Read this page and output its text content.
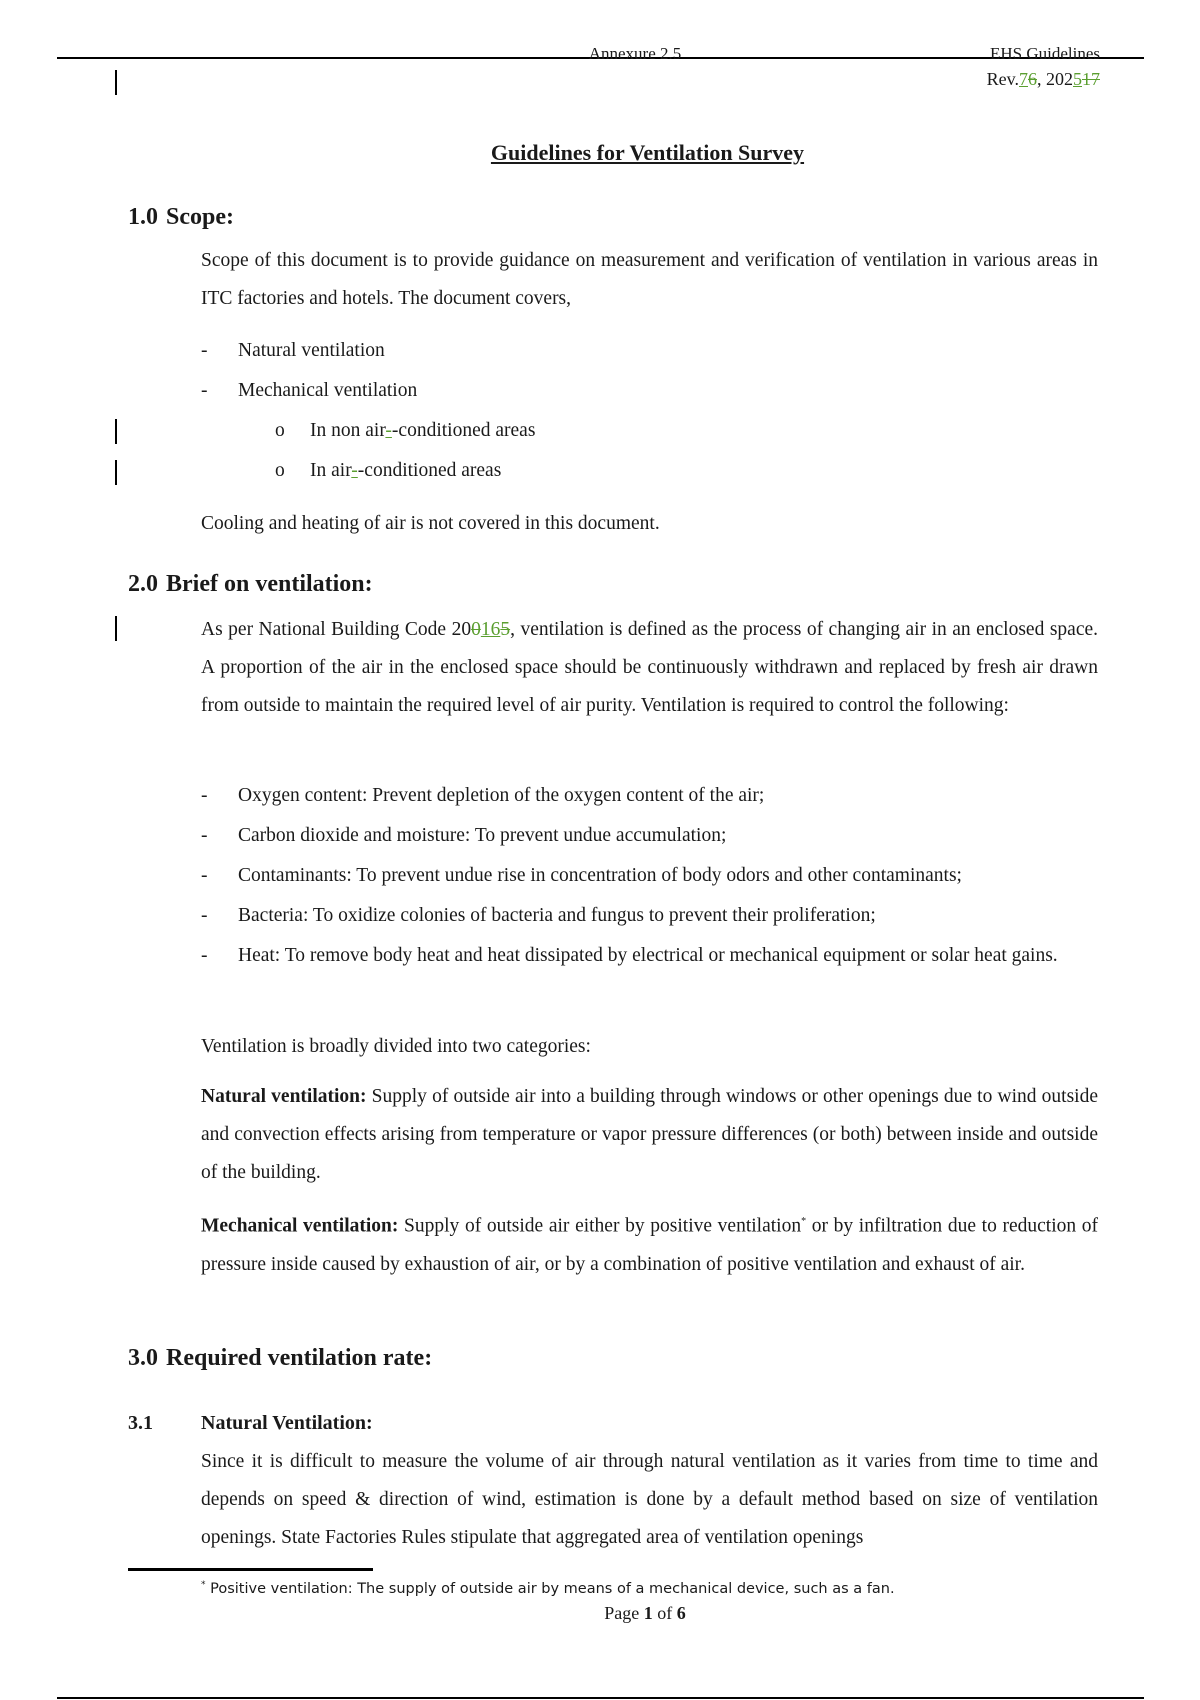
Annexure 2.5	EHS Guidelines
Rev.76, 202517
Guidelines for Ventilation Survey
1.0 Scope:
Scope of this document is to provide guidance on measurement and verification of ventilation in various areas in ITC factories and hotels. The document covers,
- Natural ventilation
- Mechanical ventilation
o In non air--conditioned areas
o In air--conditioned areas
Cooling and heating of air is not covered in this document.
2.0 Brief on ventilation:
As per National Building Code 200165, ventilation is defined as the process of changing air in an enclosed space. A proportion of the air in the enclosed space should be continuously withdrawn and replaced by fresh air drawn from outside to maintain the required level of air purity. Ventilation is required to control the following:
- Oxygen content: Prevent depletion of the oxygen content of the air;
- Carbon dioxide and moisture: To prevent undue accumulation;
- Contaminants: To prevent undue rise in concentration of body odors and other contaminants;
- Bacteria: To oxidize colonies of bacteria and fungus to prevent their proliferation;
- Heat: To remove body heat and heat dissipated by electrical or mechanical equipment or solar heat gains.
Ventilation is broadly divided into two categories:
Natural ventilation: Supply of outside air into a building through windows or other openings due to wind outside and convection effects arising from temperature or vapor pressure differences (or both) between inside and outside of the building.
Mechanical ventilation: Supply of outside air either by positive ventilation* or by infiltration due to reduction of pressure inside caused by exhaustion of air, or by a combination of positive ventilation and exhaust of air.
3.0 Required ventilation rate:
3.1 Natural Ventilation:
Since it is difficult to measure the volume of air through natural ventilation as it varies from time to time and depends on speed & direction of wind, estimation is done by a default method based on size of ventilation openings. State Factories Rules stipulate that aggregated area of ventilation openings
* Positive ventilation: The supply of outside air by means of a mechanical device, such as a fan.
Page 1 of 6
